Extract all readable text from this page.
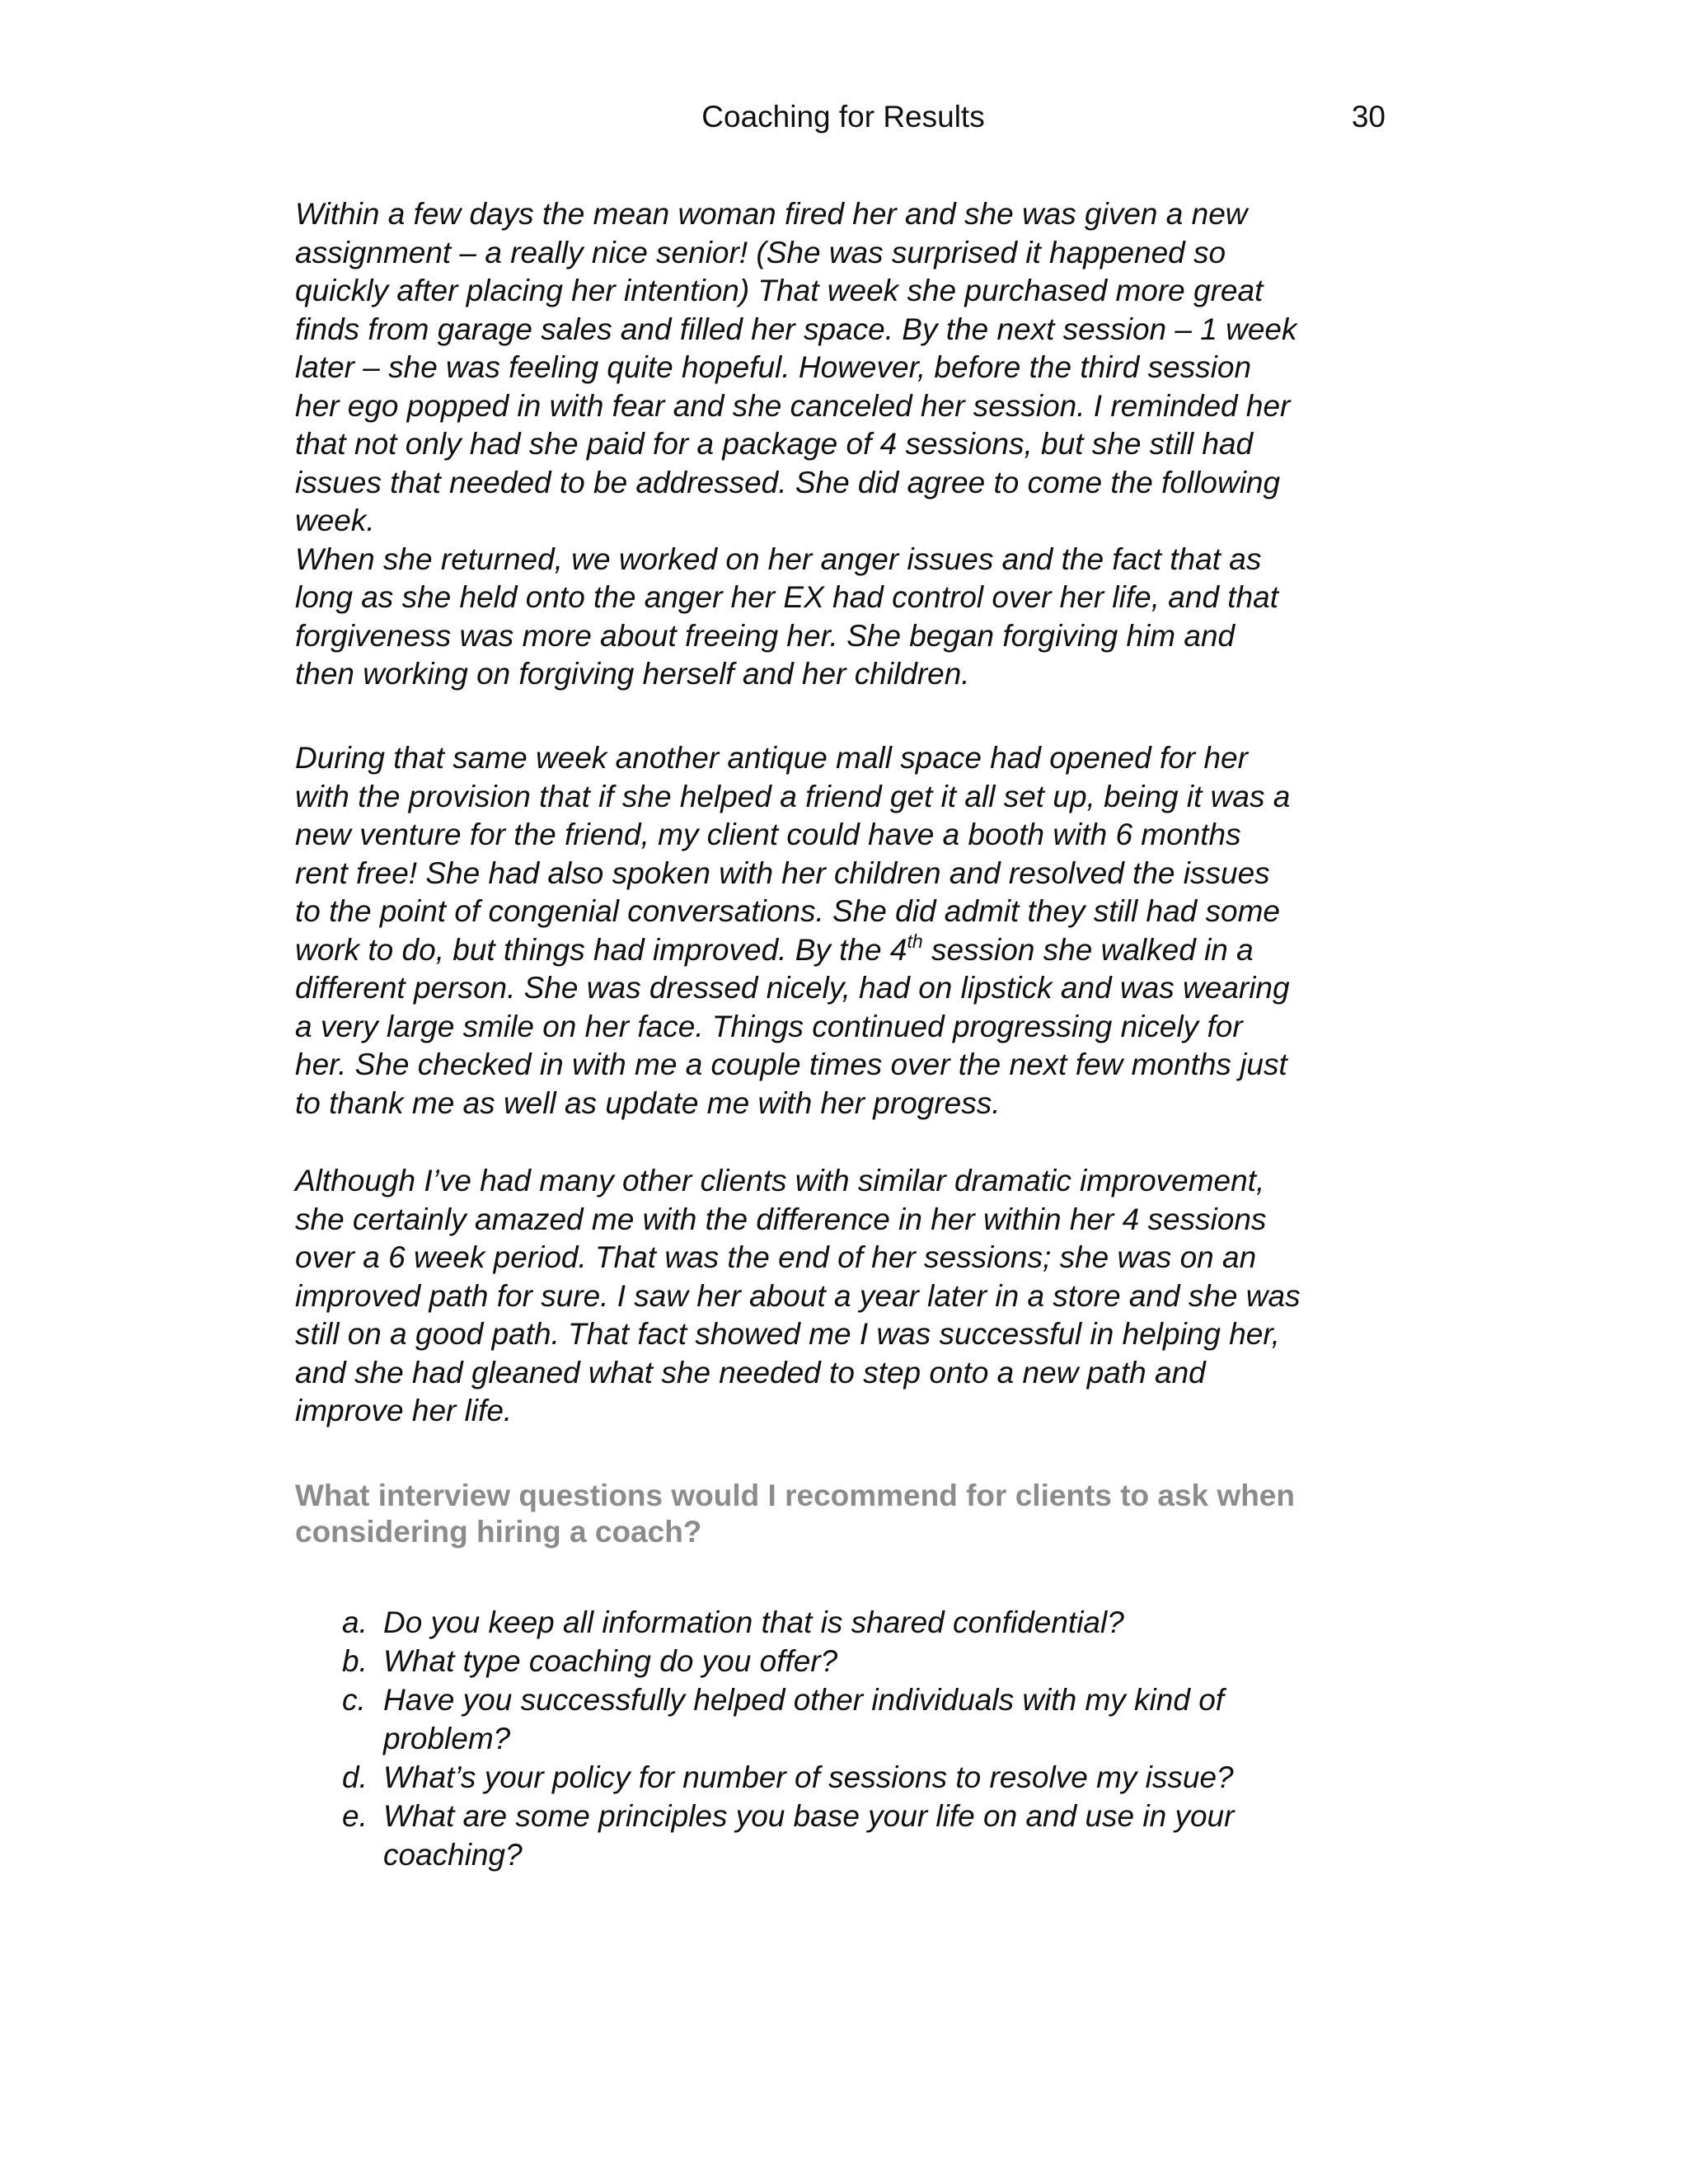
Coaching for Results	30
Within a few days the mean woman fired her and she was given a new
assignment – a really nice senior! (She was surprised it happened so
quickly after placing her intention) That week she purchased more great
finds from garage sales and filled her space. By the next session – 1 week
later – she was feeling quite hopeful. However, before the third session
her ego popped in with fear and she canceled her session. I reminded her
that not only had she paid for a package of 4 sessions, but she still had
issues that needed to be addressed. She did agree to come the following
week.
When she returned, we worked on her anger issues and the fact that as
long as she held onto the anger her EX had control over her life, and that
forgiveness was more about freeing her. She began forgiving him and
then working on forgiving herself and her children.
During that same week another antique mall space had opened for her
with the provision that if she helped a friend get it all set up, being it was a
new venture for the friend, my client could have a booth with 6 months
rent free! She had also spoken with her children and resolved the issues
to the point of congenial conversations. She did admit they still had some
work to do, but things had improved. By the 4th session she walked in a
different person. She was dressed nicely, had on lipstick and was wearing
a very large smile on her face. Things continued progressing nicely for
her. She checked in with me a couple times over the next few months just
to thank me as well as update me with her progress.
Although I’ve had many other clients with similar dramatic improvement,
she certainly amazed me with the difference in her within her 4 sessions
over a 6 week period. That was the end of her sessions; she was on an
improved path for sure. I saw her about a year later in a store and she was
still on a good path. That fact showed me I was successful in helping her,
and she had gleaned what she needed to step onto a new path and
improve her life.
What interview questions would I recommend for clients to ask when
considering hiring a coach?
a. Do you keep all information that is shared confidential?
b. What type coaching do you offer?
c. Have you successfully helped other individuals with my kind of
problem?
d. What’s your policy for number of sessions to resolve my issue?
e. What are some principles you base your life on and use in your
coaching?
